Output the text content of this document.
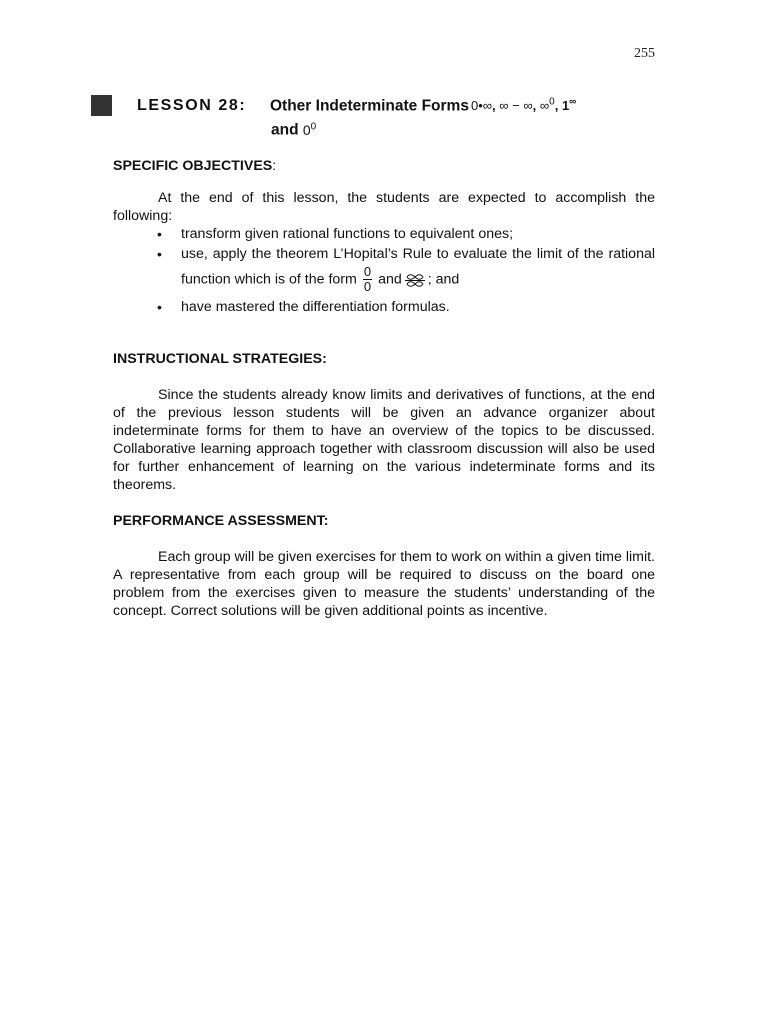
255
LESSON 28: Other Indeterminate Forms 0•∞, ∞ − ∞, ∞$^0$, 1∞
and $0^0$
SPECIFIC OBJECTIVES:

At the end of this lesson, the students are expected to accomplish the following:

• transform given rational functions to equivalent ones;
• use, apply the theorem L’Hopital’s Rule to evaluate the limit of the rational function which is of the form $\frac{0}{0}$ and ; and
• have mastered the differentiation formulas.
INSTRUCTIONAL STRATEGIES:

Since the students already know limits and derivatives of functions, at the end of the previous lesson students will be given an advance organizer about indeterminate forms for them to have an overview of the topics to be discussed. Collaborative learning approach together with classroom discussion will also be used for further enhancement of learning on the various indeterminate forms and its theorems.

PERFORMANCE ASSESSMENT:

Each group will be given exercises for them to work on within a given time limit. A representative from each group will be required to discuss on the board one problem from the exercises given to measure the students’ understanding of the concept. Correct solutions will be given additional points as incentive.
